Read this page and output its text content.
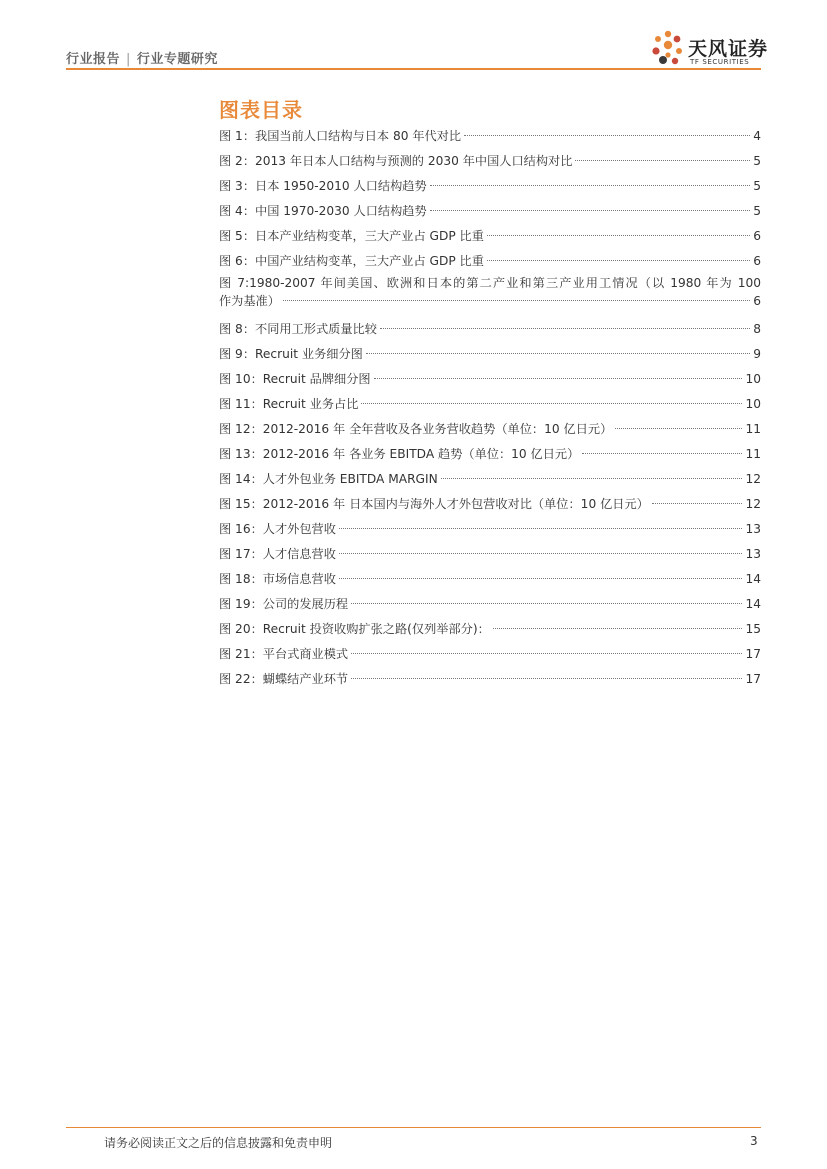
行业报告 | 行业专题研究	天风证券
TF SECURITIES
图表目录
图 1：我国当前人口结构与日本 80 年代对比	4
图 2：2013 年日本人口结构与预测的 2030 年中国人口结构对比	5
图 3：日本 1950-2010 人口结构趋势	5
图 4：中国 1970-2030 人口结构趋势	5
图 5：日本产业结构变革，三大产业占 GDP 比重	6
图 6：中国产业结构变革，三大产业占 GDP 比重	6
图 7:1980-2007 年间美国、欧洲和日本的第二产业和第三产业用工情况（以 1980 年为 100
作为基准）	6
图 8：不同用工形式质量比较	8
图 9：Recruit 业务细分图	9
图 10：Recruit 品牌细分图	10
图 11：Recruit 业务占比	10
图 12：2012-2016 年 全年营收及各业务营收趋势（单位：10 亿日元）	11
图 13：2012-2016 年 各业务 EBITDA 趋势（单位：10 亿日元）	11
图 14：人才外包业务 EBITDA MARGIN	12
图 15：2012-2016 年 日本国内与海外人才外包营收对比（单位：10 亿日元）	12
图 16：人才外包营收	13
图 17：人才信息营收	13
图 18：市场信息营收	14
图 19：公司的发展历程	14
图 20：Recruit 投资收购扩张之路(仅列举部分)：	15
图 21：平台式商业模式	17
图 22：蝴蝶结产业环节	17
请务必阅读正文之后的信息披露和免责申明	3
